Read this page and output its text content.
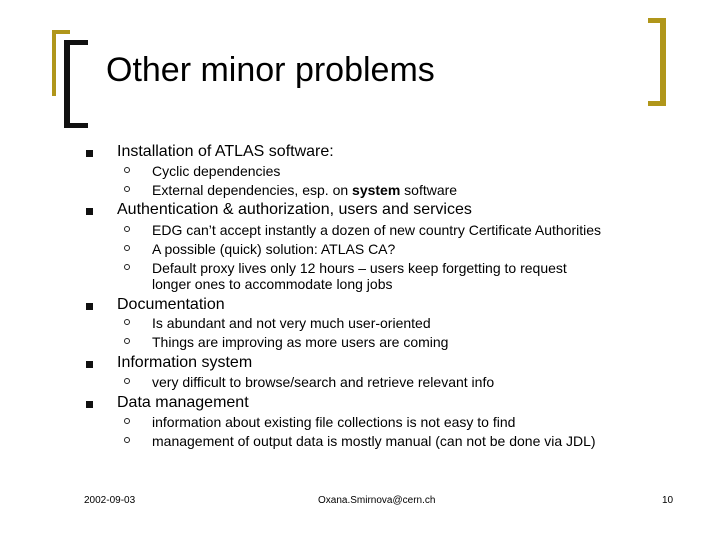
Other minor problems
Installation of ATLAS software:
Cyclic dependencies
External dependencies, esp. on system software
Authentication & authorization, users and services
EDG can’t accept instantly a dozen of new country Certificate Authorities
A possible (quick) solution: ATLAS CA?
Default proxy lives only 12 hours – users keep forgetting to request
longer ones to accommodate long jobs
Documentation
Is abundant and not very much user-oriented
Things are improving as more users are coming
Information system
very difficult to browse/search and retrieve relevant info
Data management
information about existing file collections is not easy to find
management of output data is mostly manual (can not be done via JDL)
2002-09-03	Oxana.Smirnova@cern.ch	10
